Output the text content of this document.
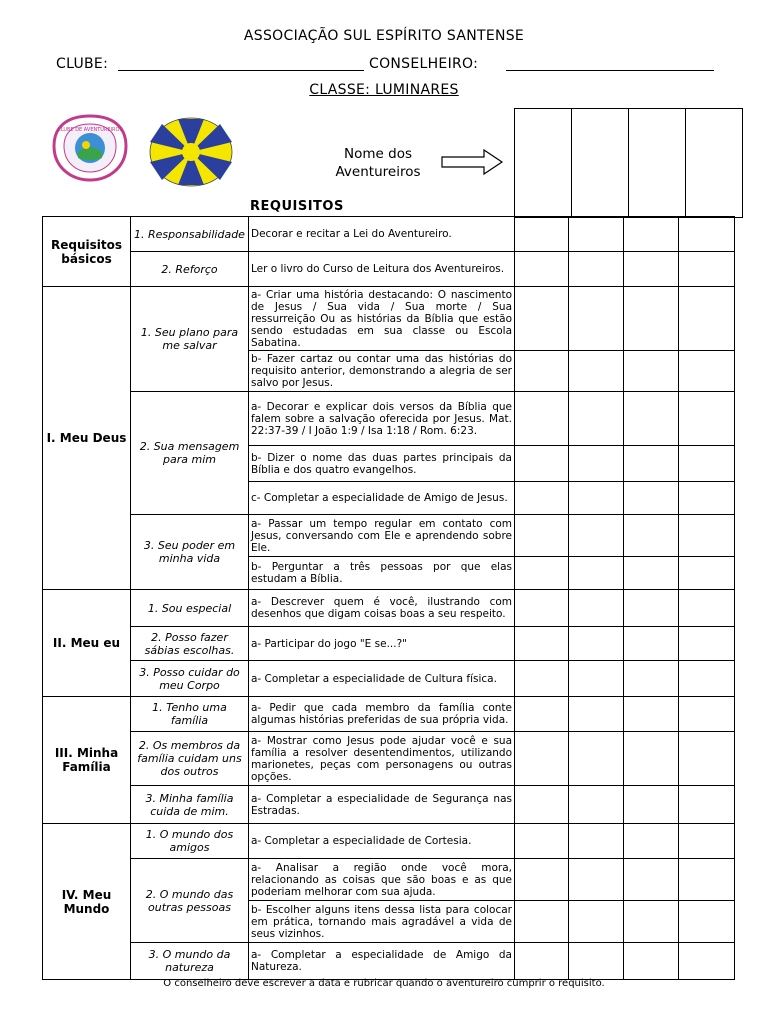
ASSOCIAÇÃO SUL ESPÍRITO SANTENSE
CLUBE:	CONSELHEIRO:
CLASSE: LUMINARES
CLUBE DE AVENTUREIROS
Nome dos
Aventureiros
REQUISITOS

Requisitos básicos	1. Responsabilidade	Decorar e recitar a Lei do Aventureiro.				
	2. Reforço	Ler o livro do Curso de Leitura dos Aventureiros.				
I. Meu Deus	1. Seu plano para me salvar	a- Criar uma história destacando: O nascimento de Jesus / Sua vida / Sua morte / Sua ressurreição Ou as histórias da Bíblia que estão sendo estudadas em sua classe ou Escola Sabatina.				
		b- Fazer cartaz ou contar uma das histórias do requisito anterior, demonstrando a alegria de ser salvo por Jesus.				
	2. Sua mensagem para mim	a- Decorar e explicar dois versos da Bíblia que falem sobre a salvação oferecida por Jesus. Mat. 22:37-39 / I João 1:9 / Isa 1:18 / Rom. 6:23.				
		b- Dizer o nome das duas partes principais da Bíblia e dos quatro evangelhos.				
		c- Completar a especialidade de Amigo de Jesus.				
	3. Seu poder em minha vida	a- Passar um tempo regular em contato com Jesus, conversando com Ele e aprendendo sobre Ele.				
		b- Perguntar a três pessoas por que elas estudam a Bíblia.				
II. Meu eu	1. Sou especial	a- Descrever quem é você, ilustrando com desenhos que digam coisas boas a seu respeito.				
	2. Posso fazer sábias escolhas.	a- Participar do jogo "E se...?"				
	3. Posso cuidar do meu Corpo	a- Completar a especialidade de Cultura física.				
III. Minha Família	1. Tenho uma família	a- Pedir que cada membro da família conte algumas histórias preferidas de sua própria vida.				
	2. Os membros da família cuidam uns dos outros	a- Mostrar como Jesus pode ajudar você e sua família a resolver desentendimentos, utilizando marionetes, peças com personagens ou outras opções.				
	3. Minha família cuida de mim.	a- Completar a especialidade de Segurança nas Estradas.				
IV. Meu Mundo	1. O mundo dos amigos	a- Completar a especialidade de Cortesia.				
	2. O mundo das outras pessoas	a- Analisar a região onde você mora, relacionando as coisas que são boas e as que poderiam melhorar com sua ajuda.				
		b- Escolher alguns itens dessa lista para colocar em prática, tornando mais agradável a vida de seus vizinhos.				
	3. O mundo da natureza	a- Completar a especialidade de Amigo da Natureza.				
O conselheiro deve escrever a data e rubricar quando o aventureiro cumprir o requisito.
